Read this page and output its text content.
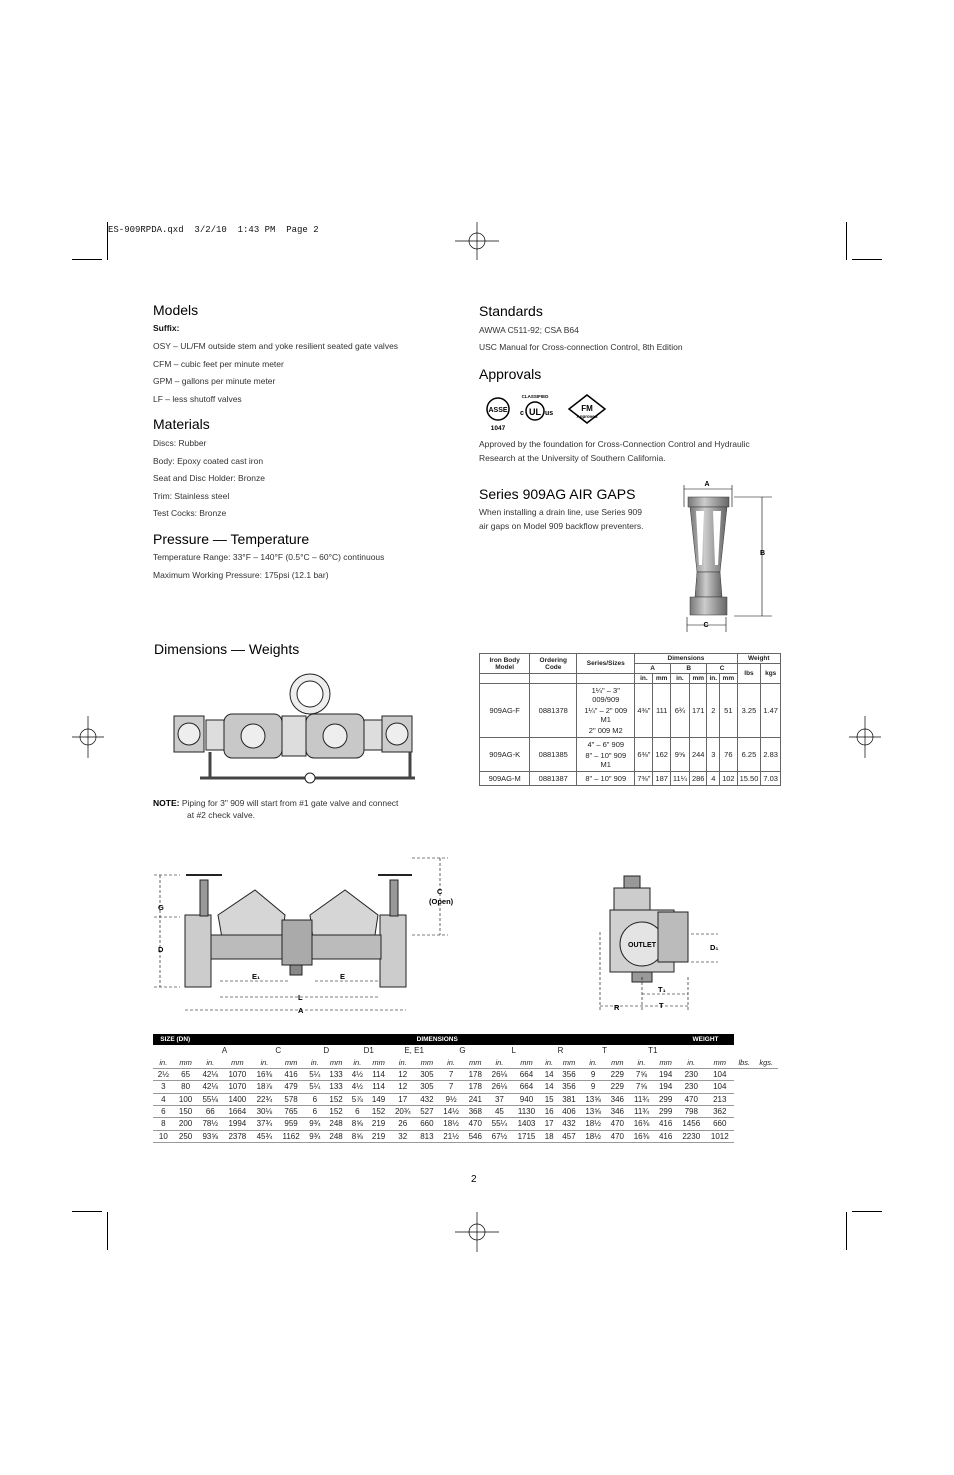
ES-909RPDA.qxd  3/2/10  1:43 PM  Page 2
Models
Suffix:
OSY – UL/FM outside stem and yoke resilient seated gate valves
CFM – cubic feet per minute meter
GPM – gallons per minute meter
LF – less shutoff valves
Materials
Discs: Rubber
Body: Epoxy coated cast iron
Seat and Disc Holder: Bronze
Trim: Stainless steel
Test Cocks: Bronze
Pressure — Temperature
Temperature Range: 33°F – 140°F (0.5°C – 60°C) continuous
Maximum Working Pressure: 175psi (12.1 bar)
Standards
AWWA C511-92; CSA B64
USC Manual for Cross-connection Control, 8th Edition
Approvals
ASSE
1047
CLASSIFIED
UL
c	us
FM
Approved
Approved by the foundation for Cross-Connection Control and Hydraulic
Research at the University of Southern California.
Series 909AG AIR GAPS
When installing a drain line, use Series 909
air gaps on Model 909 backflow preventers.
A
B
C
Iron Body Model	Ordering Code	Series/Sizes	Dimensions						Weight	
			A		B		C		lbs	kgs
			in.	mm	in.	mm	in.	mm		
909AG-F	0881378	1¼" – 3" 009/909
1¼" – 2" 009 M1
2" 009 M2	4⅜"	111	6¾	171	2	51	3.25	1.47
909AG-K	0881385	4" – 6" 909
8" – 10" 909 M1	6⅜"	162	9⅝	244	3	76	6.25	2.83
909AG-M	0881387	8" – 10" 909	7⅜"	187	11¼	286	4	102	15.50	7.03
Dimensions — Weights
NOTE: Piping for 3" 909 will start from #1 gate valve and connect
at #2 check valve.
G
D
E₁	E
L
A
C
(Open)
OUTLET	D₁
T₁
T
R
SIZE (DN)		DIMENSIONS																				WEIGHT			
		A		C		D		D1		E, E1		G		L		R		T		T1					
in.	mm	in.	mm	in.	mm	in.	mm	in.	mm	in.	mm	in.	mm	in.	mm	in.	mm	in.	mm	in.	mm	in.	mm	lbs.	kgs.
2½	65	42⅛	1070	16⅜	416	5¼	133	4½	114	12	305	7	178	26⅛	664	14	356	9	229	7⅝	194	230	104		
3	80	42⅛	1070	18⅞	479	5¼	133	4½	114	12	305	7	178	26⅛	664	14	356	9	229	7⅝	194	230	104		
4	100	55⅛	1400	22¾	578	6	152	5⅞	149	17	432	9½	241	37	940	15	381	13⅝	346	11¾	299	470	213		
6	150	66	1664	30⅛	765	6	152	6	152	20¾	527	14½	368	45	1130	16	406	13⅝	346	11¾	299	798	362		
8	200	78½	1994	37¾	959	9¾	248	8⅝	219	26	660	18½	470	55¼	1403	17	432	18½	470	16⅜	416	1456	660		
10	250	93⅝	2378	45¾	1162	9¾	248	8⅝	219	32	813	21½	546	67½	1715	18	457	18½	470	16⅜	416	2230	1012		
2
